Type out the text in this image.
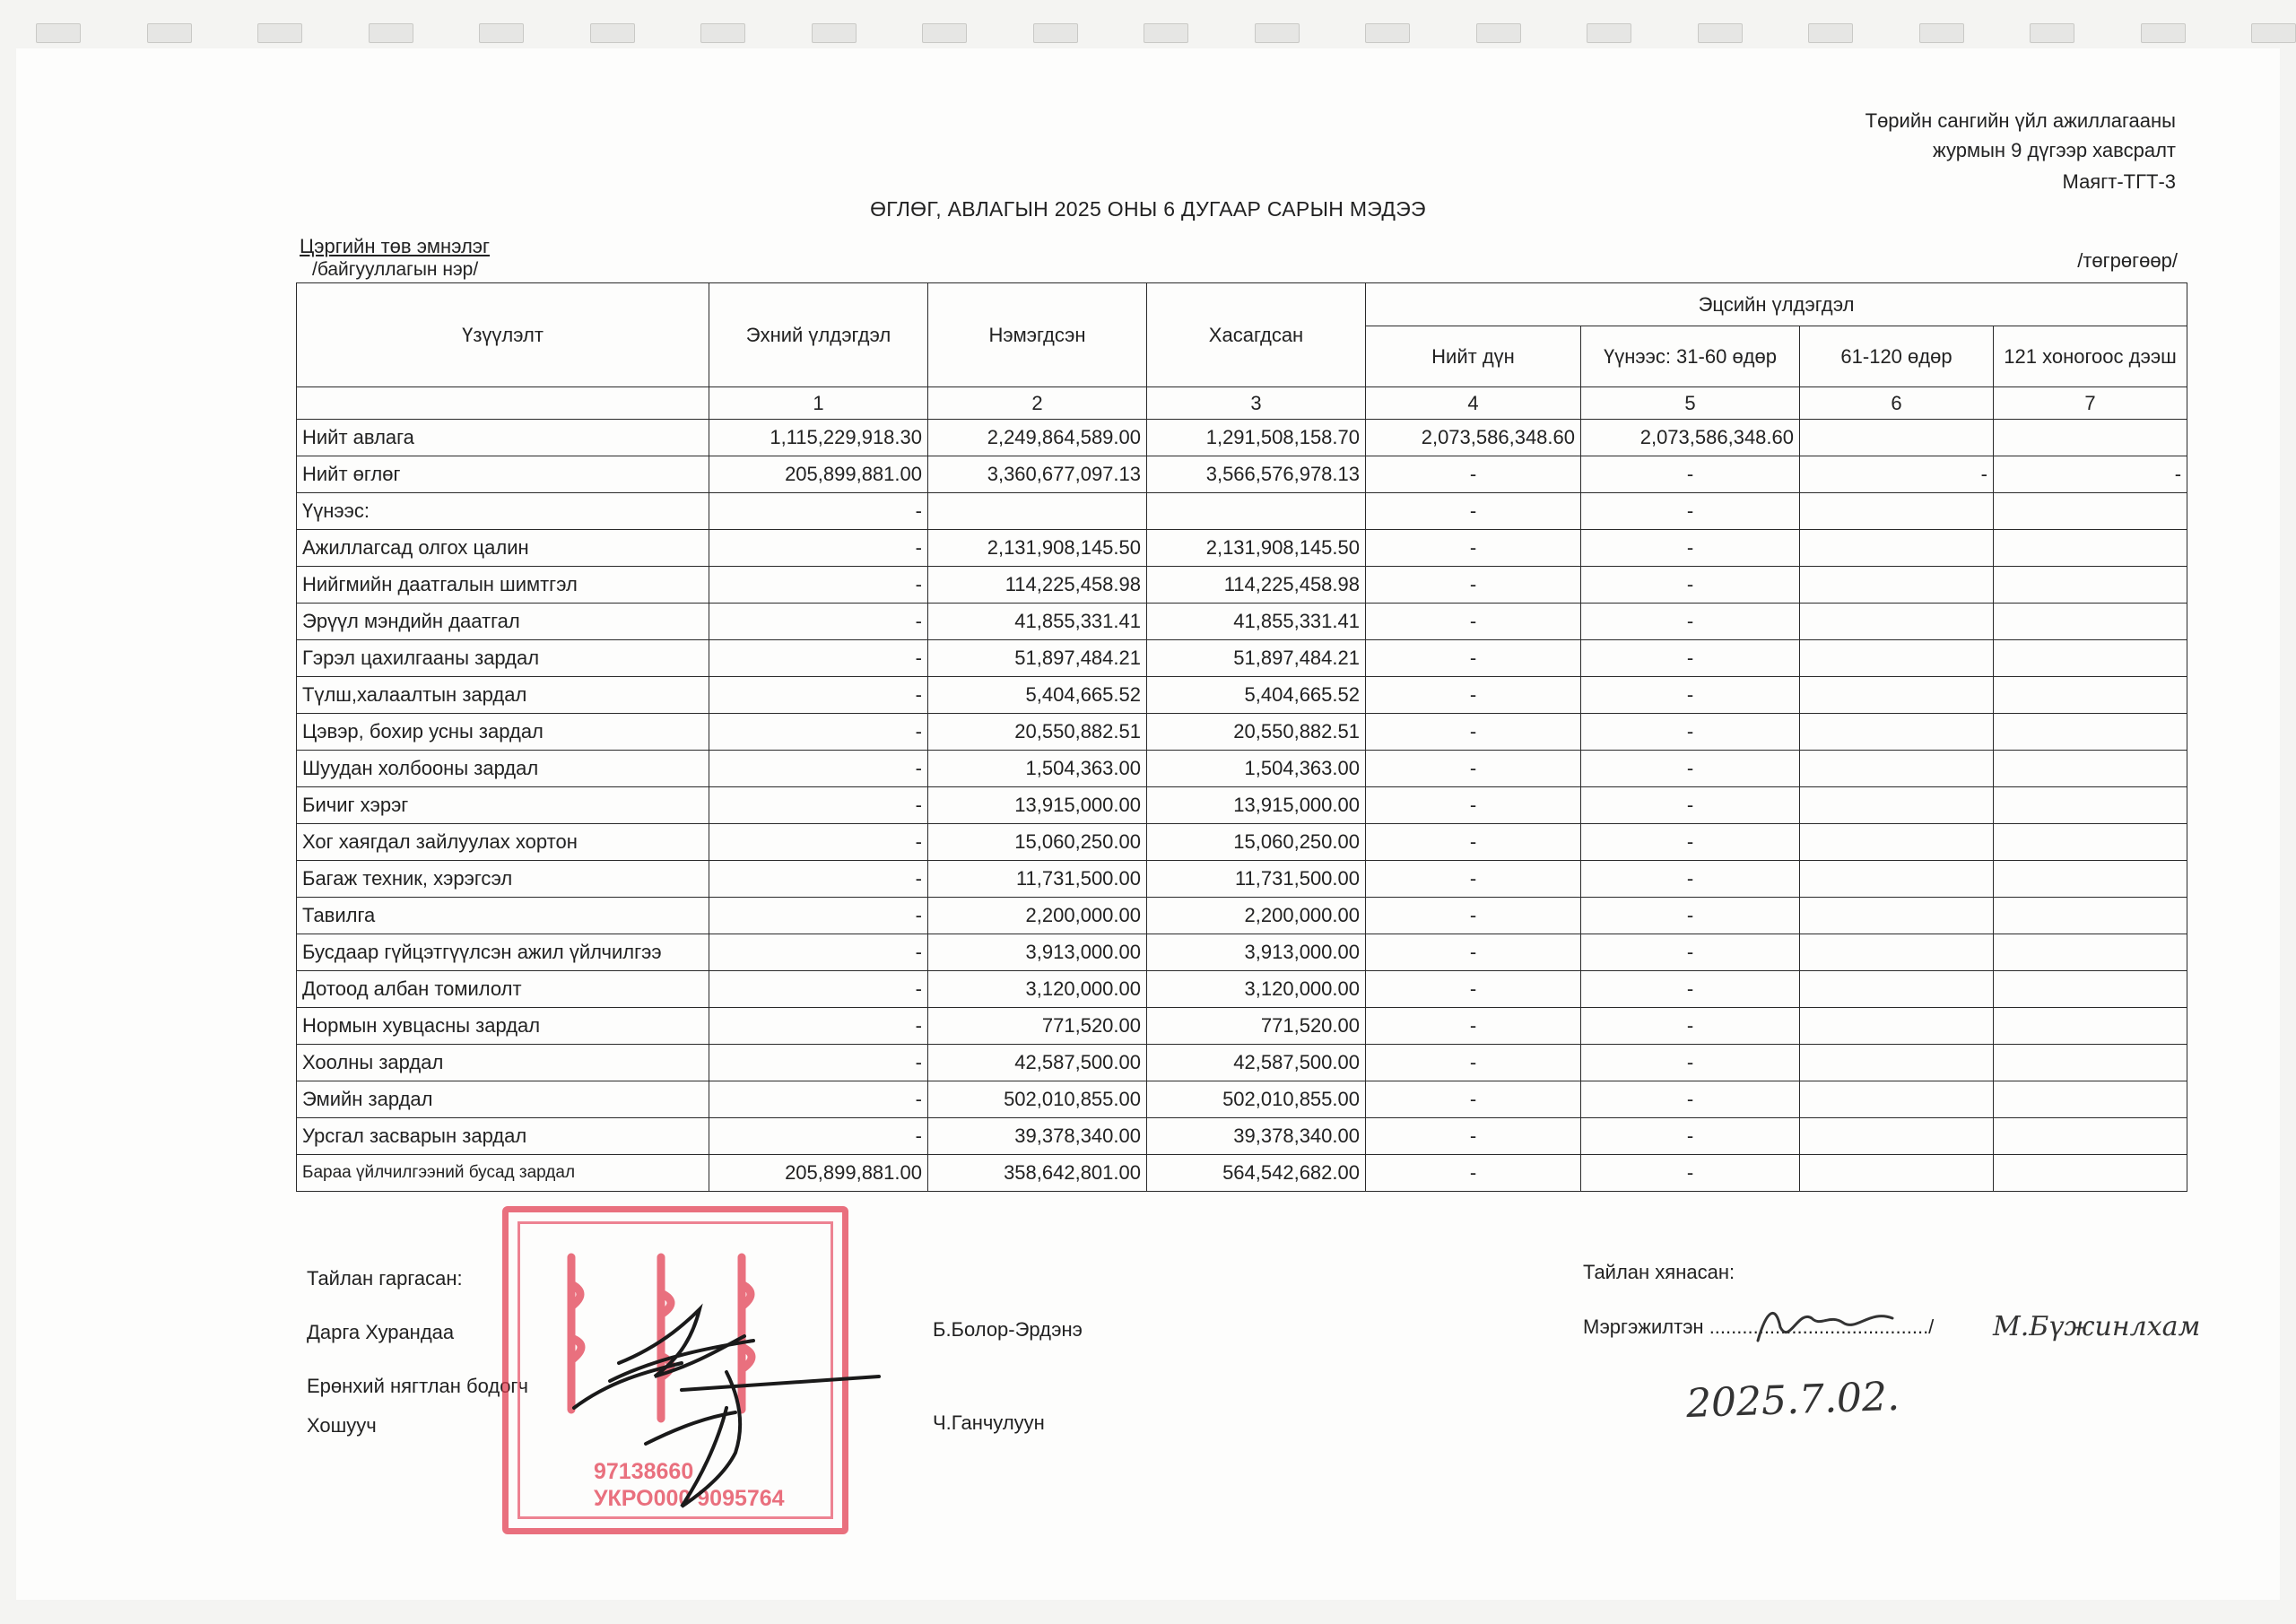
Төрийн сангийн үйл ажиллагааны
журмын 9 дүгээр хавсралт
Маягт-ТГТ-3
ӨГЛӨГ, АВЛАГЫН 2025 ОНЫ 6 ДУГААР САРЫН МЭДЭЭ
Цэргийн төв эмнэлэг
/байгууллагын нэр/	/төгрөгөөр/
Үзүүлэлт	Эхний үлдэгдэл	Нэмэгдсэн	Хасагдсан	Эцсийн үлдэгдэл			
				Нийт дүн	Үүнээс: 31-60 өдөр	61-120 өдөр	121 хоногоос дээш
	1	2	3	4	5	6	7
Нийт авлага	1,115,229,918.30	2,249,864,589.00	1,291,508,158.70	2,073,586,348.60	2,073,586,348.60		
Нийт өглөг	205,899,881.00	3,360,677,097.13	3,566,576,978.13	-	-	-	-
Үүнээс:	-			-	-		
Ажиллагсад олгох цалин	-	2,131,908,145.50	2,131,908,145.50	-	-		
Нийгмийн даатгалын шимтгэл	-	114,225,458.98	114,225,458.98	-	-		
Эрүүл мэндийн даатгал	-	41,855,331.41	41,855,331.41	-	-		
Гэрэл цахилгааны зардал	-	51,897,484.21	51,897,484.21	-	-		
Түлш,халаалтын зардал	-	5,404,665.52	5,404,665.52	-	-		
Цэвэр, бохир усны зардал	-	20,550,882.51	20,550,882.51	-	-		
Шуудан холбооны зардал	-	1,504,363.00	1,504,363.00	-	-		
Бичиг хэрэг	-	13,915,000.00	13,915,000.00	-	-		
Хог хаягдал зайлуулах хортон	-	15,060,250.00	15,060,250.00	-	-		
Багаж техник, хэрэгсэл	-	11,731,500.00	11,731,500.00	-	-		
Тавилга	-	2,200,000.00	2,200,000.00	-	-		
Бусдаар гүйцэтгүүлсэн ажил үйлчилгээ	-	3,913,000.00	3,913,000.00	-	-		
Дотоод албан томилолт	-	3,120,000.00	3,120,000.00	-	-		
Нормын хувцасны зардал	-	771,520.00	771,520.00	-	-		
Хоолны зардал	-	42,587,500.00	42,587,500.00	-	-		
Эмийн зардал	-	502,010,855.00	502,010,855.00	-	-		
Урсгал засварын зардал	-	39,378,340.00	39,378,340.00	-	-		
Бараа үйлчилгээний бусад зардал	205,899,881.00	358,642,801.00	564,542,682.00	-	-		
Тайлан гаргасан:
Дарга Хурандаа	Б.Болор-Эрдэнэ
Ерөнхий нягтлан бодогч
Хошууч	Ч.Ганчулуун
Тайлан хянасан:
Мэргэжилтэн ......................................../ М.Бүжинлхам
2025.7.02.
97138660
УКРО000 9095764
